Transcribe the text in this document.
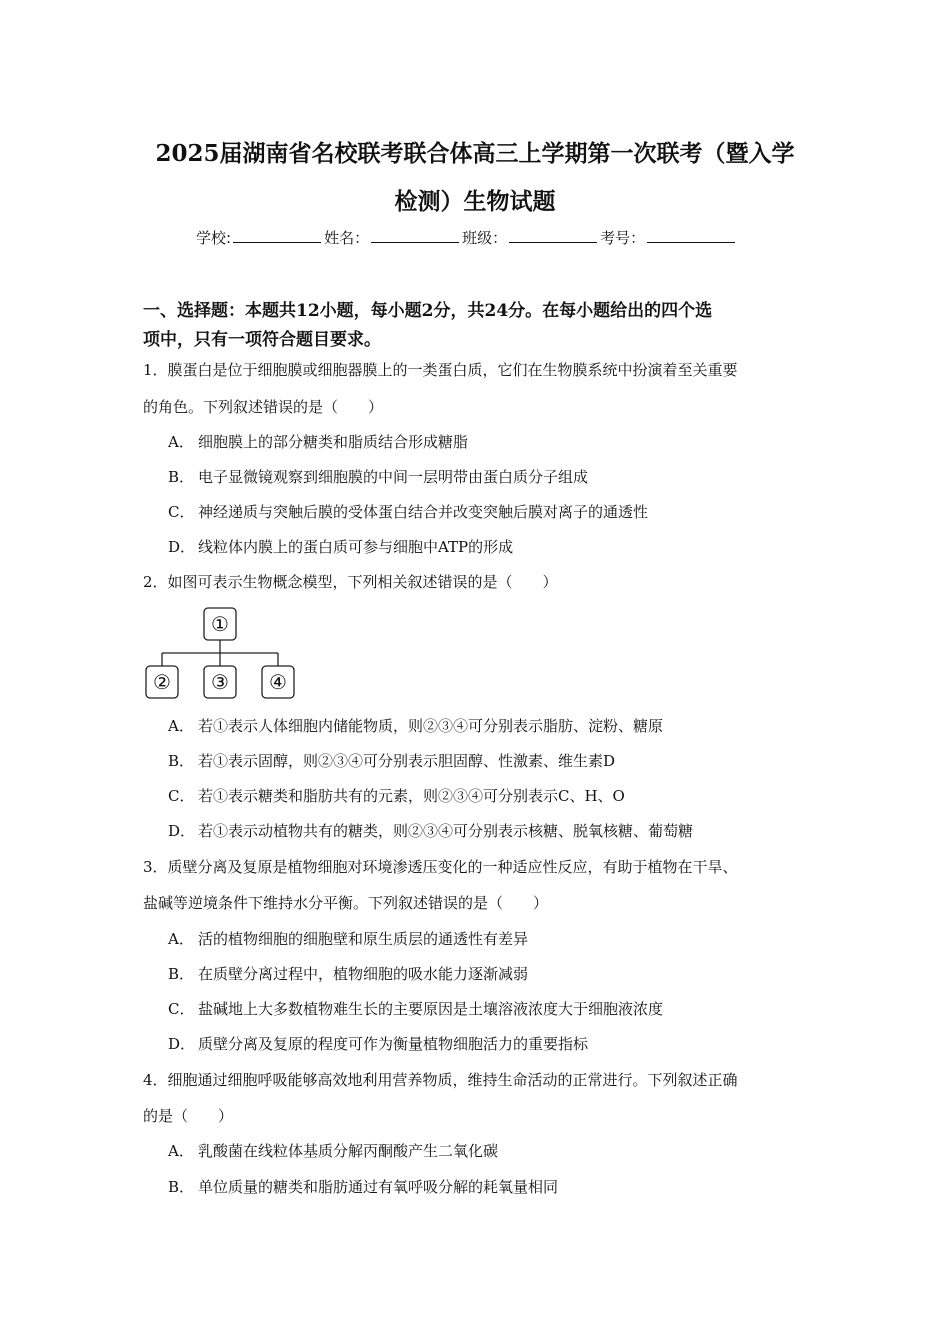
2025届湖南省名校联考联合体高三上学期第一次联考（暨入学
检测）生物试题
学校:	姓名：	班级：	考号：
一、选择题：本题共12小题，每小题2分，共24分。在每小题给出的四个选
项中，只有一项符合题目要求。
1．膜蛋白是位于细胞膜或细胞器膜上的一类蛋白质，它们在生物膜系统中扮演着至关重要
的角色。下列叙述错误的是（　　）
A． 细胞膜上的部分糖类和脂质结合形成糖脂
B． 电子显微镜观察到细胞膜的中间一层明带由蛋白质分子组成
C． 神经递质与突触后膜的受体蛋白结合并改变突触后膜对离子的通透性
D． 线粒体内膜上的蛋白质可参与细胞中ATP的形成
2．如图可表示生物概念模型，下列相关叙述错误的是（　　）
①
② ③ ④
A． 若①表示人体细胞内储能物质，则②③④可分别表示脂肪、淀粉、糖原
B． 若①表示固醇，则②③④可分别表示胆固醇、性激素、维生素D
C． 若①表示糖类和脂肪共有的元素，则②③④可分别表示C、H、O
D． 若①表示动植物共有的糖类，则②③④可分别表示核糖、脱氧核糖、葡萄糖
3．质壁分离及复原是植物细胞对环境渗透压变化的一种适应性反应，有助于植物在干旱、
盐碱等逆境条件下维持水分平衡。下列叙述错误的是（　　）
A． 活的植物细胞的细胞壁和原生质层的通透性有差异
B． 在质壁分离过程中，植物细胞的吸水能力逐渐减弱
C． 盐碱地上大多数植物难生长的主要原因是土壤溶液浓度大于细胞液浓度
D． 质壁分离及复原的程度可作为衡量植物细胞活力的重要指标
4．细胞通过细胞呼吸能够高效地利用营养物质，维持生命活动的正常进行。下列叙述正确
的是（　　）
A． 乳酸菌在线粒体基质分解丙酮酸产生二氧化碳
B． 单位质量的糖类和脂肪通过有氧呼吸分解的耗氧量相同
